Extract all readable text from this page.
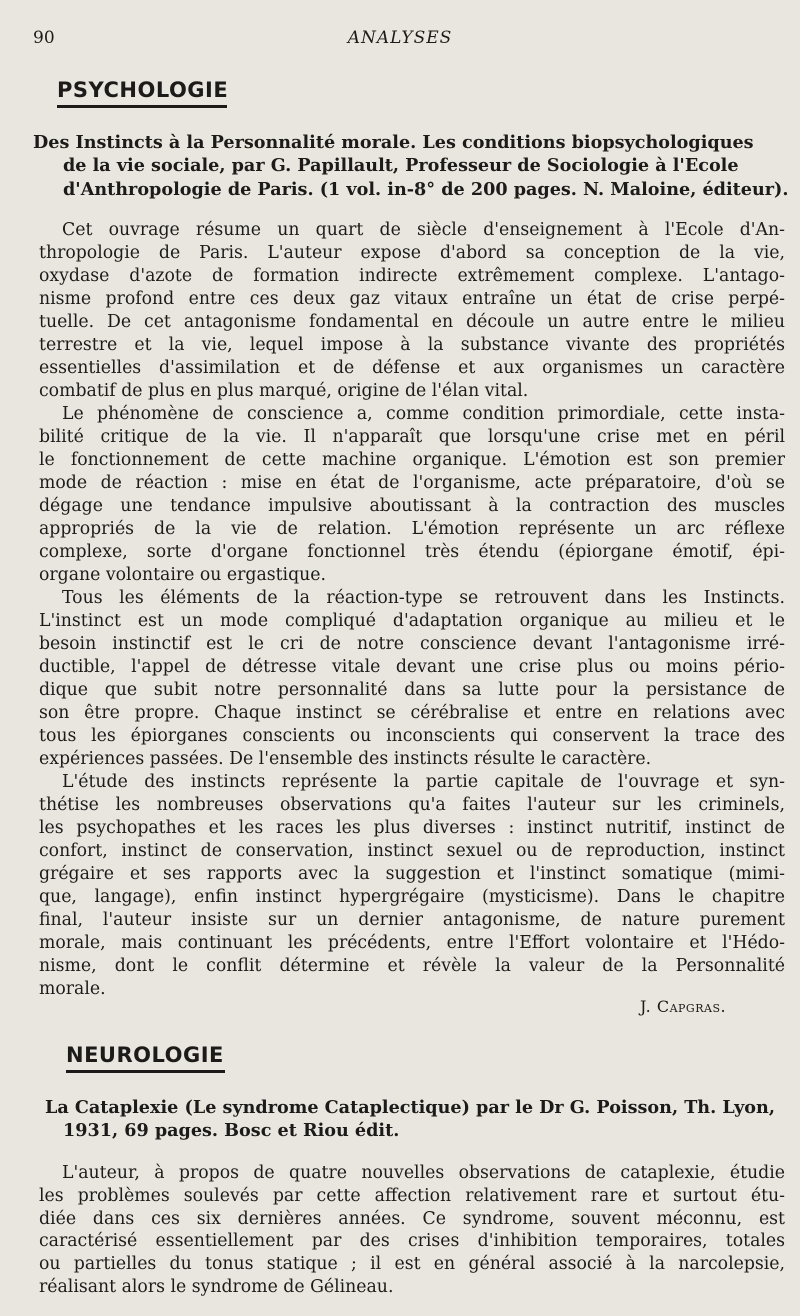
90	ANALYSES
PSYCHOLOGIE
Des Instincts à la Personnalité morale. Les conditions biopsychologiques
de la vie sociale, par G. Papillault, Professeur de Sociologie à l'Ecole
d'Anthropologie de Paris. (1 vol. in-8° de 200 pages. N. Maloine, éditeur).
Cet ouvrage résume un quart de siècle d'enseignement à l'Ecole d'An-
thropologie de Paris. L'auteur expose d'abord sa conception de la vie,
oxydase d'azote de formation indirecte extrêmement complexe. L'antago-
nisme profond entre ces deux gaz vitaux entraîne un état de crise perpé-
tuelle. De cet antagonisme fondamental en découle un autre entre le milieu
terrestre et la vie, lequel impose à la substance vivante des propriétés
essentielles d'assimilation et de défense et aux organismes un caractère
combatif de plus en plus marqué, origine de l'élan vital.
Le phénomène de conscience a, comme condition primordiale, cette insta-
bilité critique de la vie. Il n'apparaît que lorsqu'une crise met en péril
le fonctionnement de cette machine organique. L'émotion est son premier
mode de réaction : mise en état de l'organisme, acte préparatoire, d'où se
dégage une tendance impulsive aboutissant à la contraction des muscles
appropriés de la vie de relation. L'émotion représente un arc réflexe
complexe, sorte d'organe fonctionnel très étendu (épiorgane émotif, épi-
organe volontaire ou ergastique.
Tous les éléments de la réaction-type se retrouvent dans les Instincts.
L'instinct est un mode compliqué d'adaptation organique au milieu et le
besoin instinctif est le cri de notre conscience devant l'antagonisme irré-
ductible, l'appel de détresse vitale devant une crise plus ou moins pério-
dique que subit notre personnalité dans sa lutte pour la persistance de
son être propre. Chaque instinct se cérébralise et entre en relations avec
tous les épiorganes conscients ou inconscients qui conservent la trace des
expériences passées. De l'ensemble des instincts résulte le caractère.
L'étude des instincts représente la partie capitale de l'ouvrage et syn-
thétise les nombreuses observations qu'a faites l'auteur sur les criminels,
les psychopathes et les races les plus diverses : instinct nutritif, instinct de
confort, instinct de conservation, instinct sexuel ou de reproduction, instinct
grégaire et ses rapports avec la suggestion et l'instinct somatique (mimi-
que, langage), enfin instinct hypergrégaire (mysticisme). Dans le chapitre
final, l'auteur insiste sur un dernier antagonisme, de nature purement
morale, mais continuant les précédents, entre l'Effort volontaire et l'Hédo-
nisme, dont le conflit détermine et révèle la valeur de la Personnalité
morale.
J. Capgras.
NEUROLOGIE
La Cataplexie (Le syndrome Cataplectique) par le Dr G. Poisson, Th. Lyon,
1931, 69 pages. Bosc et Riou édit.
L'auteur, à propos de quatre nouvelles observations de cataplexie, étudie
les problèmes soulevés par cette affection relativement rare et surtout étu-
diée dans ces six dernières années. Ce syndrome, souvent méconnu, est
caractérisé essentiellement par des crises d'inhibition temporaires, totales
ou partielles du tonus statique ; il est en général associé à la narcolepsie,
réalisant alors le syndrome de Gélineau.
